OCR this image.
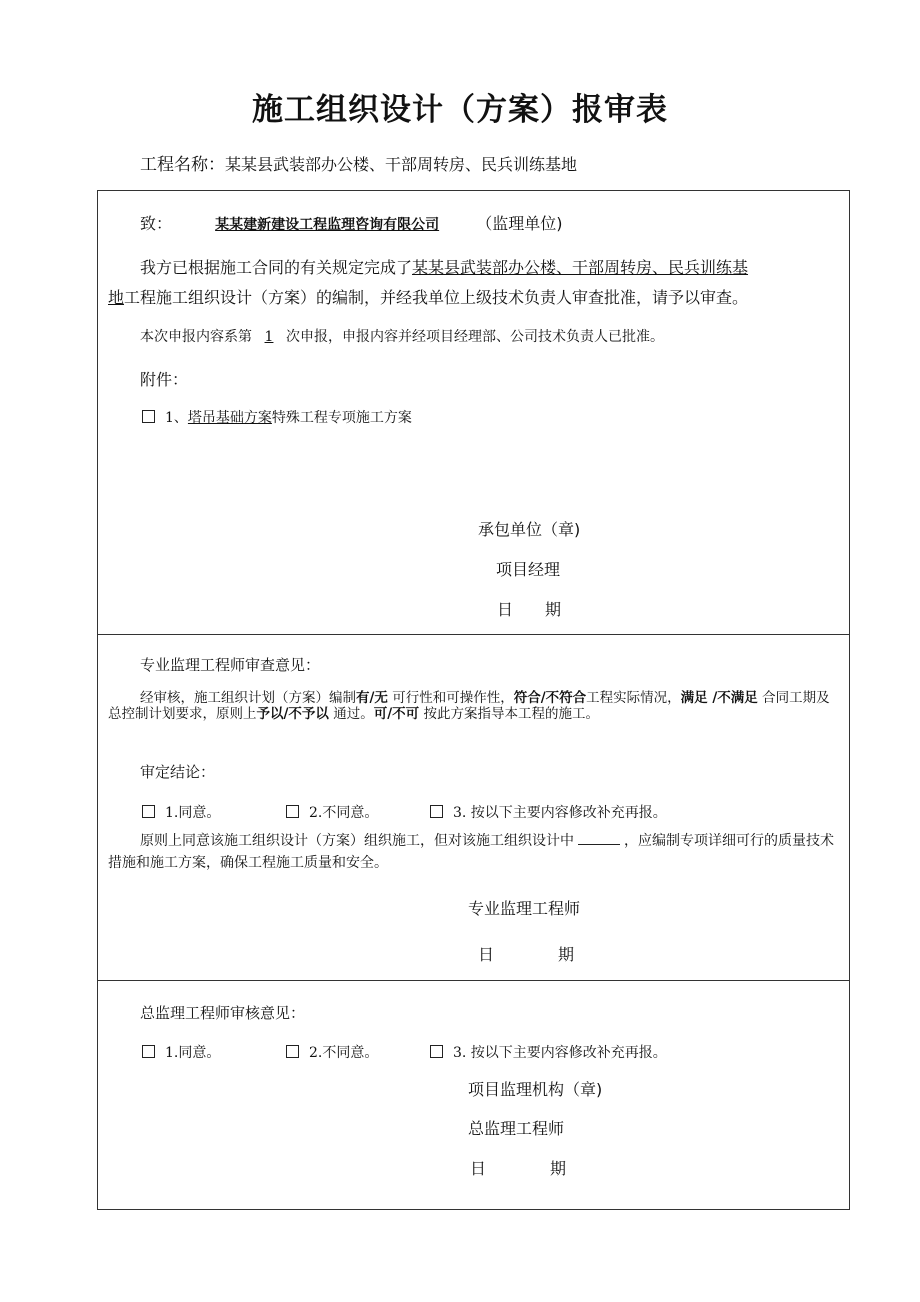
施工组织设计（方案）报审表
工程名称：某某县武装部办公楼、干部周转房、民兵训练基地
致：	某某建新建设工程监理咨询有限公司 （监理单位)
我方已根据施工合同的有关规定完成了某某县武装部办公楼、干部周转房、民兵训练基
地工程施工组织设计（方案）的编制，并经我单位上级技术负责人审查批准，请予以审查。
本次申报内容系第 1 次申报，申报内容并经项目经理部、公司技术负责人已批准。
附件：
1、塔吊基础方案特殊工程专项施工方案
承包单位（章)
项目经理
日　　期
专业监理工程师审查意见：
经审核，施工组织计划（方案）编制有/无 可行性和可操作性，符合/不符合工程实际情况，满足 /不满足 合同工期及总控制计划要求，原则上予以/不予以 通过。可/不可 按此方案指导本工程的施工。
审定结论：
1.同意。	2.不同意。	3. 按以下主要内容修改补充再报。
原则上同意该施工组织设计（方案）组织施工，但对该施工组织设计中	，应编制专项详细可行的质量技术措施和施工方案，确保工程施工质量和安全。
专业监理工程师
日　　　　期
总监理工程师审核意见：
1.同意。	2.不同意。	3. 按以下主要内容修改补充再报。
项目监理机构（章)
总监理工程师
日　　　　期
